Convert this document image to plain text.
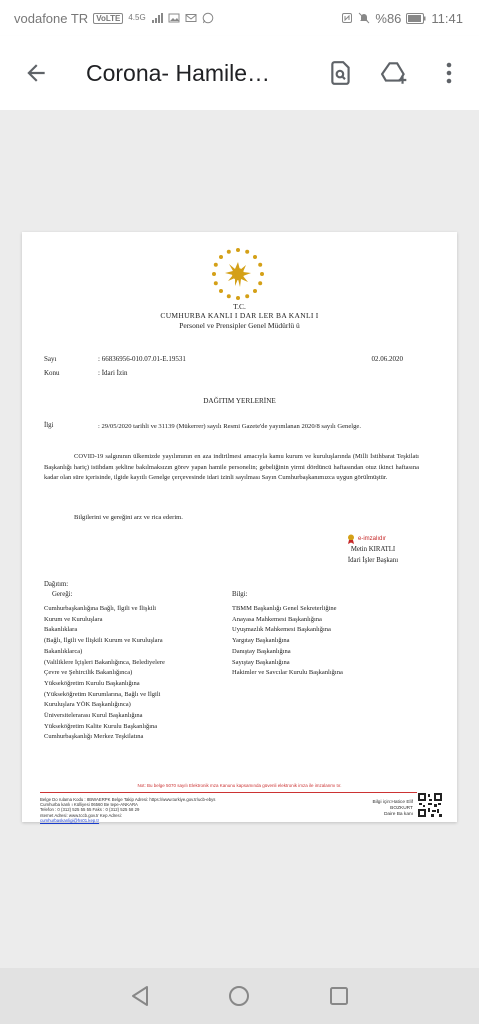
vodafone TR	VoLTE	4.5G	%86 11:41
Corona- Hamile…
T.C.
CUMHURBA KANLI I DAR LER BA KANLI I
Personel ve Prensipler Genel Müdürlü ü
Sayı	: 66836956-010.07.01-E.19531	02.06.2020
Konu	: İdari İzin
DAĞITIM YERLERİNE
İlgi	: 29/05/2020 tarihli ve 31139 (Mükerrer) sayılı Resmi Gazete'de yayımlanan 2020/8 sayılı Genelge.

COVID-19 salgınının ülkemizde yayılımının en aza indirilmesi amacıyla kamu kurum ve kuruluşlarında (Milli İstihbarat Teşkilatı Başkanlığı hariç) istihdam şekline bakılmaksızın görev yapan hamile personelin; gebeliğinin yirmi dördüncü haftasından otuz ikinci haftasına kadar olan süre içerisinde, ilgide kayıtlı Genelge çerçevesinde idari izinli sayılması Sayın Cumhurbaşkanımızca uygun görülmüştür.

Bilgilerini ve gereğini arz ve rica ederim.
e-imzalıdır
Metin KIRATLI
İdari İşler Başkanı
Dağıtım:
Gereği:	Bilgi:
Cumhurbaşkanlığına Bağlı, İlgili ve İlişkili
Kurum ve Kuruluşlara
Bakanlıklara
(Bağlı, İlgili ve İlişkili Kurum ve Kuruluşlara
Bakanlıklarca)
(Valiliklere İçişleri Bakanlığınca, Belediyelere
Çevre ve Şehircilik Bakanlığınca)
Yükseköğretim Kurulu Başkanlığına
(Yükseköğretim Kurumlarına, Bağlı ve İlgili
Kuruluşlara YÖK Başkanlığınca)
Üniversitelerarası Kurul Başkanlığına
Yükseköğretim Kalite Kurulu Başkanlığına
Cumhurbaşkanlığı Merkez Teşkilatına
TBMM Başkanlığı Genel Sekreterliğine
Anayasa Mahkemesi Başkanlığına
Uyuşmazlık Mahkemesi Başkanlığına
Yargıtay Başkanlığına
Danıştay Başkanlığına
Sayıştay Başkanlığına
Hakimler ve Savcılar Kurulu Başkanlığına
Not: Bu belge 5070 sayılı Elektronik mza Kanunu kapsamında güvenli elektronik imza ile imzalanmı tır.
Belge Do rulama Kodu : 8BWAERPK Belge Takip Adresi: https://www.turkiye.gov.tr/ucb-ebys
Cumhurba kanlı ı Külliyesi 06560 Be tepe-ANKARA
Telefon : 0 (312) 525 55 55 Faks : 0 (312) 525 58 29
nternet Adresi: www.tccb.gov.tr Kep Adresi:
cumhurbaskanligi@hs01.kep.tr
Bilgi için:Hatice Elif
BOZKURT
Daire Ba kanı
